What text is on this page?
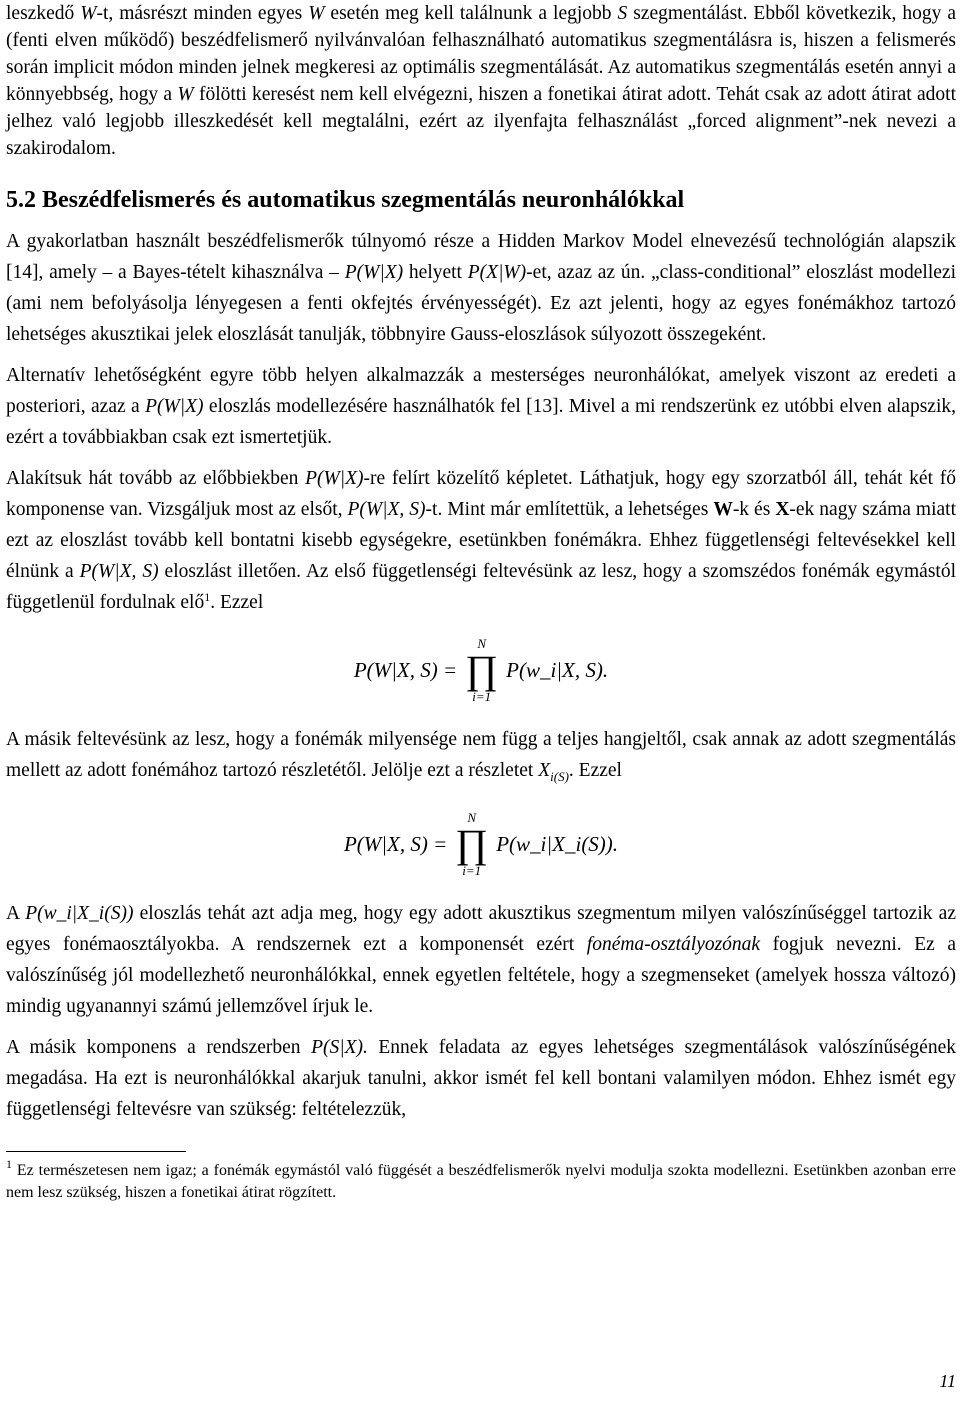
leszkedő W-t, másrészt minden egyes W esetén meg kell találnunk a legjobb S szegmentálást. Ebből következik, hogy a (fenti elven működő) beszédfelismerő nyilvánvalóan felhasználható automatikus szegmentálásra is, hiszen a felismerés során implicit módon minden jelnek megkeresi az optimális szegmentálását. Az automatikus szegmentálás esetén annyi a könnyebbség, hogy a W fölötti keresést nem kell elvégezni, hiszen a fonetikai átirat adott. Tehát csak az adott átirat adott jelhez való legjobb illeszkedését kell megtalálni, ezért az ilyenfajta felhasználást „forced alignment”-nek nevezi a szakirodalom.

5.2 Beszédfelismerés és automatikus szegmentálás neuronhálókkal

A gyakorlatban használt beszédfelismerők túlnyomó része a Hidden Markov Model elnevezésű technológián alapszik [14], amely – a Bayes-tételt kihasználva – P(W|X) helyett P(X|W)-et, azaz az ún. „class-conditional” eloszlást modellezi (ami nem befolyásolja lényegesen a fenti okfejtés érvényességét). Ez azt jelenti, hogy az egyes fonémákhoz tartozó lehetséges akusztikai jelek eloszlását tanulják, többnyire Gauss-eloszlások súlyozott összegeként.

Alternatív lehetőségként egyre több helyen alkalmazzák a mesterséges neuronhálókat, amelyek viszont az eredeti a posteriori, azaz a P(W|X) eloszlás modellezésére használhatók fel [13]. Mivel a mi rendszerünk ez utóbbi elven alapszik, ezért a továbbiakban csak ezt ismertetjük.

Alakítsuk hát tovább az előbbiekben P(W|X)-re felírt közelítő képletet. Láthatjuk, hogy egy szorzatból áll, tehát két fő komponense van. Vizsgáljuk most az elsőt, P(W|X, S)-t. Mint már említettük, a lehetséges W-k és X-ek nagy száma miatt ezt az eloszlást tovább kell bontatni kisebb egységekre, esetünkben fonémákra. Ehhez függetlenségi feltevésekkel kell élnünk a P(W|X, S) eloszlást illetően. Az első függetlenségi feltevésünk az lesz, hogy a szomszédos fonémák egymástól függetlenül fordulnak elő$^1$. Ezzel

P(W|X, S) =
N
∏
i=1
P(w_i|X, S).

A másik feltevésünk az lesz, hogy a fonémák milyensége nem függ a teljes hangjeltől, csak annak az adott szegmentálás mellett az adott fonémához tartozó részletétől. Jelölje ezt a részletet $X_{i(S)}$. Ezzel

P(W|X, S) =
N
∏
i=1
P(w_i|X_i(S)).

A P(w_i|X_i(S)) eloszlás tehát azt adja meg, hogy egy adott akusztikus szegmentum milyen valószínűséggel tartozik az egyes fonémaosztályokba. A rendszernek ezt a komponensét ezért fonéma-osztályozónak fogjuk nevezni. Ez a valószínűség jól modellezhető neuronhálókkal, ennek egyetlen feltétele, hogy a szegmenseket (amelyek hossza változó) mindig ugyanannyi számú jellemzővel írjuk le.

A másik komponens a rendszerben P(S|X). Ennek feladata az egyes lehetséges szegmentálások valószínűségének megadása. Ha ezt is neuronhálókkal akarjuk tanulni, akkor ismét fel kell bontani valamilyen módon. Ehhez ismét egy függetlenségi feltevésre van szükség: feltételezzük,

$^1$ Ez természetesen nem igaz; a fonémák egymástól való függését a beszédfelismerők nyelvi modulja szokta modellezni. Esetünkben azonban erre nem lesz szükség, hiszen a fonetikai átirat rögzített.

11
